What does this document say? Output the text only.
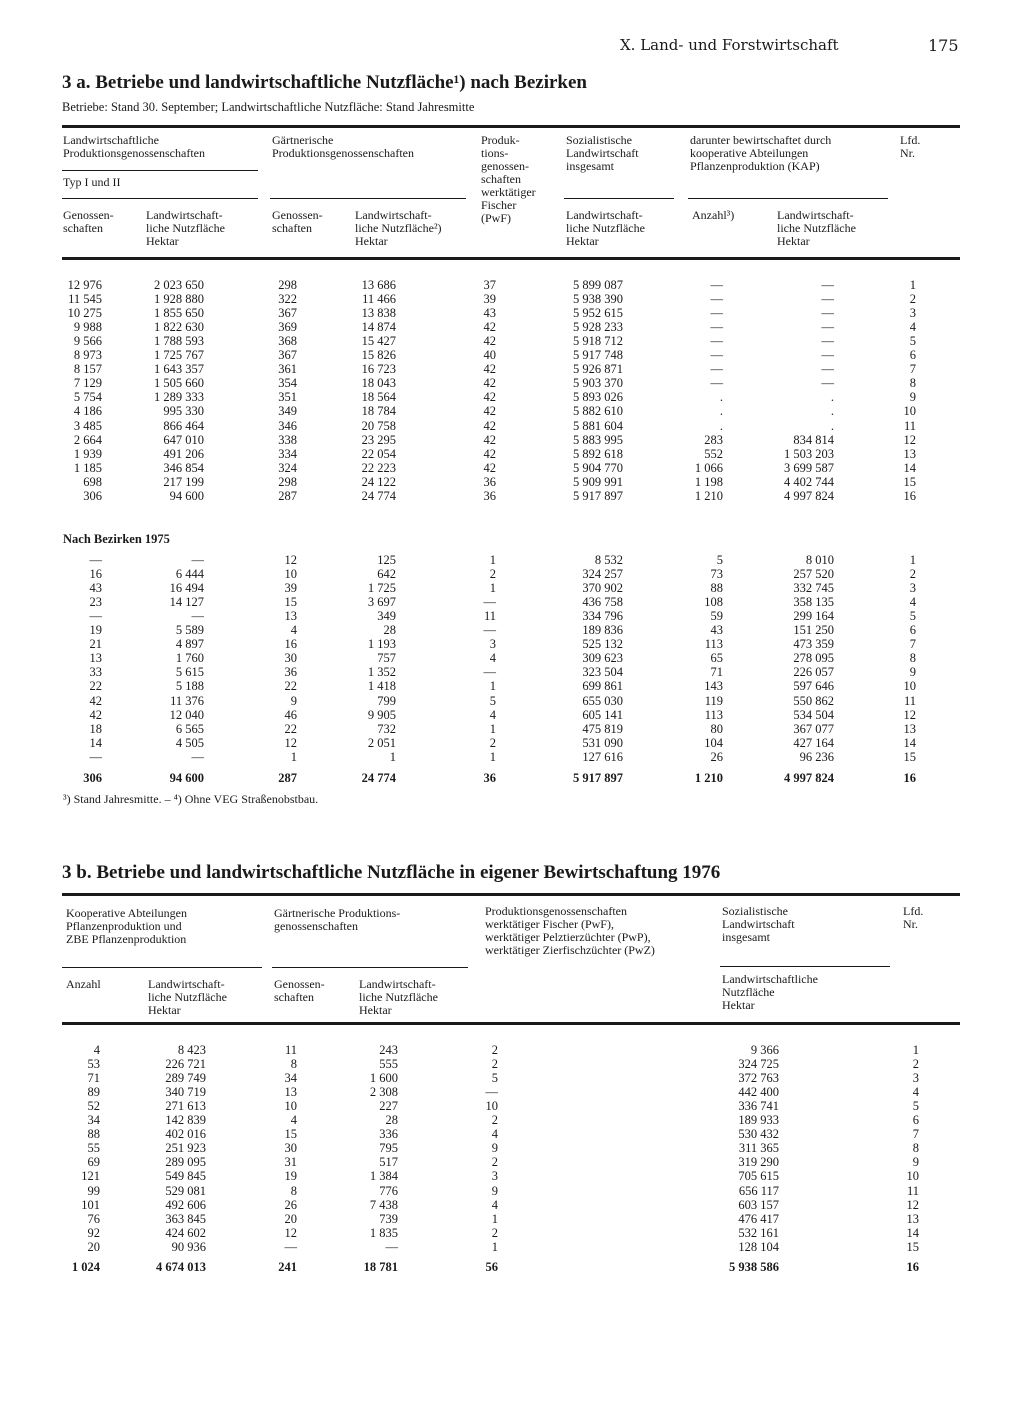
X. Land- und Forstwirtschaft	175
3 a. Betriebe und landwirtschaftliche Nutzfläche¹) nach Bezirken
Betriebe: Stand 30. September; Landwirtschaftliche Nutzfläche: Stand Jahresmitte
Landwirtschaftliche
Produktionsgenossenschaften
Typ I und II
Gärtnerische
Produktionsgenossenschaften
Produk-
tions-
genossen-
schaften
werktätiger
Fischer
(PwF)
Sozialistische
Landwirtschaft
insgesamt
darunter bewirtschaftet durch
kooperative Abteilungen
Pflanzenproduktion (KAP)
Lfd.
Nr.
Genossen-
schaften
Landwirtschaft-
liche Nutzfläche
Hektar
Genossen-
schaften
Landwirtschaft-
liche Nutzfläche²)
Hektar
Landwirtschaft-
liche Nutzfläche
Hektar
Anzahl³)	Landwirtschaft-
liche Nutzfläche
Hektar
12 976	2 023 650	298	13 686	37	5 899 087	—	—	1
11 545	1 928 880	322	11 466	39	5 938 390	—	—	2
10 275	1 855 650	367	13 838	43	5 952 615	—	—	3
9 988	1 822 630	369	14 874	42	5 928 233	—	—	4
9 566	1 788 593	368	15 427	42	5 918 712	—	—	5
8 973	1 725 767	367	15 826	40	5 917 748	—	—	6
8 157	1 643 357	361	16 723	42	5 926 871	—	—	7
7 129	1 505 660	354	18 043	42	5 903 370	—	—	8
5 754	1 289 333	351	18 564	42	5 893 026	.	.	9
4 186	995 330	349	18 784	42	5 882 610	.	.	10
3 485	866 464	346	20 758	42	5 881 604	.	.	11
2 664	647 010	338	23 295	42	5 883 995	283	834 814	12
1 939	491 206	334	22 054	42	5 892 618	552	1 503 203	13
1 185	346 854	324	22 223	42	5 904 770	1 066	3 699 587	14
698	217 199	298	24 122	36	5 909 991	1 198	4 402 744	15
306	94 600	287	24 774	36	5 917 897	1 210	4 997 824	16
Nach Bezirken 1975
—	—	12	125	1	8 532	5	8 010	1
16	6 444	10	642	2	324 257	73	257 520	2
43	16 494	39	1 725	1	370 902	88	332 745	3
23	14 127	15	3 697	—	436 758	108	358 135	4
—	—	13	349	11	334 796	59	299 164	5
19	5 589	4	28	—	189 836	43	151 250	6
21	4 897	16	1 193	3	525 132	113	473 359	7
13	1 760	30	757	4	309 623	65	278 095	8
33	5 615	36	1 352	—	323 504	71	226 057	9
22	5 188	22	1 418	1	699 861	143	597 646	10
42	11 376	9	799	5	655 030	119	550 862	11
42	12 040	46	9 905	4	605 141	113	534 504	12
18	6 565	22	732	1	475 819	80	367 077	13
14	4 505	12	2 051	2	531 090	104	427 164	14
—	—	1	1	1	127 616	26	96 236	15
306	94 600	287	24 774	36	5 917 897	1 210	4 997 824	16
³) Stand Jahresmitte. – ⁴) Ohne VEG Straßenobstbau.
3 b. Betriebe und landwirtschaftliche Nutzfläche in eigener Bewirtschaftung 1976
Kooperative Abteilungen
Pflanzenproduktion und
ZBE Pflanzenproduktion
Gärtnerische Produktions-
genossenschaften
Produktionsgenossenschaften
werktätiger Fischer (PwF),
werktätiger Pelztierzüchter (PwP),
werktätiger Zierfischzüchter (PwZ)
Sozialistische
Landwirtschaft
insgesamt
Lfd.
Nr.
Anzahl	Landwirtschaft-
liche Nutzfläche
Hektar
Genossen-
schaften
Landwirtschaft-
liche Nutzfläche
Hektar
Landwirtschaftliche
Nutzfläche
Hektar
4	8 423	11	243	2	9 366	1
53	226 721	8	555	2	324 725	2
71	289 749	34	1 600	5	372 763	3
89	340 719	13	2 308	—	442 400	4
52	271 613	10	227	10	336 741	5
34	142 839	4	28	2	189 933	6
88	402 016	15	336	4	530 432	7
55	251 923	30	795	9	311 365	8
69	289 095	31	517	2	319 290	9
121	549 845	19	1 384	3	705 615	10
99	529 081	8	776	9	656 117	11
101	492 606	26	7 438	4	603 157	12
76	363 845	20	739	1	476 417	13
92	424 602	12	1 835	2	532 161	14
20	90 936	—	—	1	128 104	15
1 024	4 674 013	241	18 781	56	5 938 586	16
